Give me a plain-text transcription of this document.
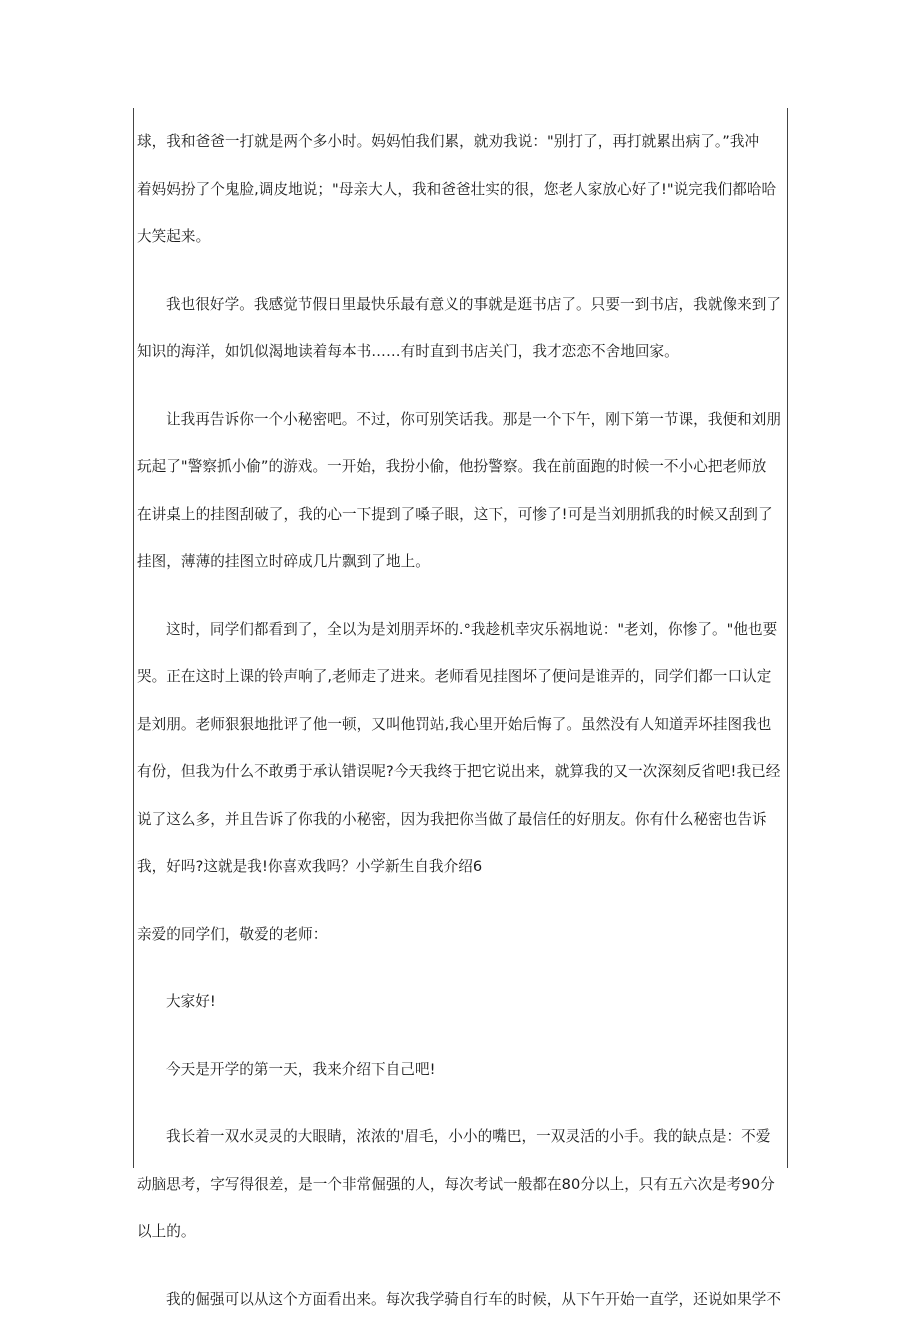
球，我和爸爸一打就是两个多小时。妈妈怕我们累，就劝我说："别打了，再打就累出病了。”我冲
着妈妈扮了个鬼脸,调皮地说；"母亲大人，我和爸爸壮实的很，您老人家放心好了!"说完我们都哈哈
大笑起来。
我也很好学。我感觉节假日里最快乐最有意义的事就是逛书店了。只要一到书店，我就像来到了
知识的海洋，如饥似渴地读着每本书……有时直到书店关门，我才恋恋不舍地回家。
让我再告诉你一个小秘密吧。不过，你可别笑话我。那是一个下午，刚下第一节课，我便和刘朋
玩起了"警察抓小偷”的游戏。一开始，我扮小偷，他扮警察。我在前面跑的时候一不小心把老师放
在讲桌上的挂图刮破了，我的心一下提到了嗓子眼，这下，可惨了!可是当刘朋抓我的时候又刮到了
挂图，薄薄的挂图立时碎成几片飘到了地上。
这时，同学们都看到了，全以为是刘朋弄坏的.°我趁机幸灾乐祸地说："老刘，你惨了。"他也要
哭。正在这时上课的铃声响了,老师走了进来。老师看见挂图坏了便问是谁弄的，同学们都一口认定
是刘朋。老师狠狠地批评了他一顿，又叫他罚站,我心里开始后悔了。虽然没有人知道弄坏挂图我也
有份，但我为什么不敢勇于承认错误呢?今天我终于把它说出来，就算我的又一次深刻反省吧!我已经
说了这么多，并且告诉了你我的小秘密，因为我把你当做了最信任的好朋友。你有什么秘密也告诉
我，好吗?这就是我!你喜欢我吗？小学新生自我介绍6
亲爱的同学们，敬爱的老师：
大家好!
今天是开学的第一天，我来介绍下自己吧!
我长着一双水灵灵的大眼睛，浓浓的'眉毛，小小的嘴巴，一双灵活的小手。我的缺点是：不爱
动脑思考，字写得很差，是一个非常倔强的人，每次考试一般都在80分以上，只有五六次是考90分
以上的。
我的倔强可以从这个方面看出来。每次我学骑自行车的时候，从下午开始一直学，还说如果学不
